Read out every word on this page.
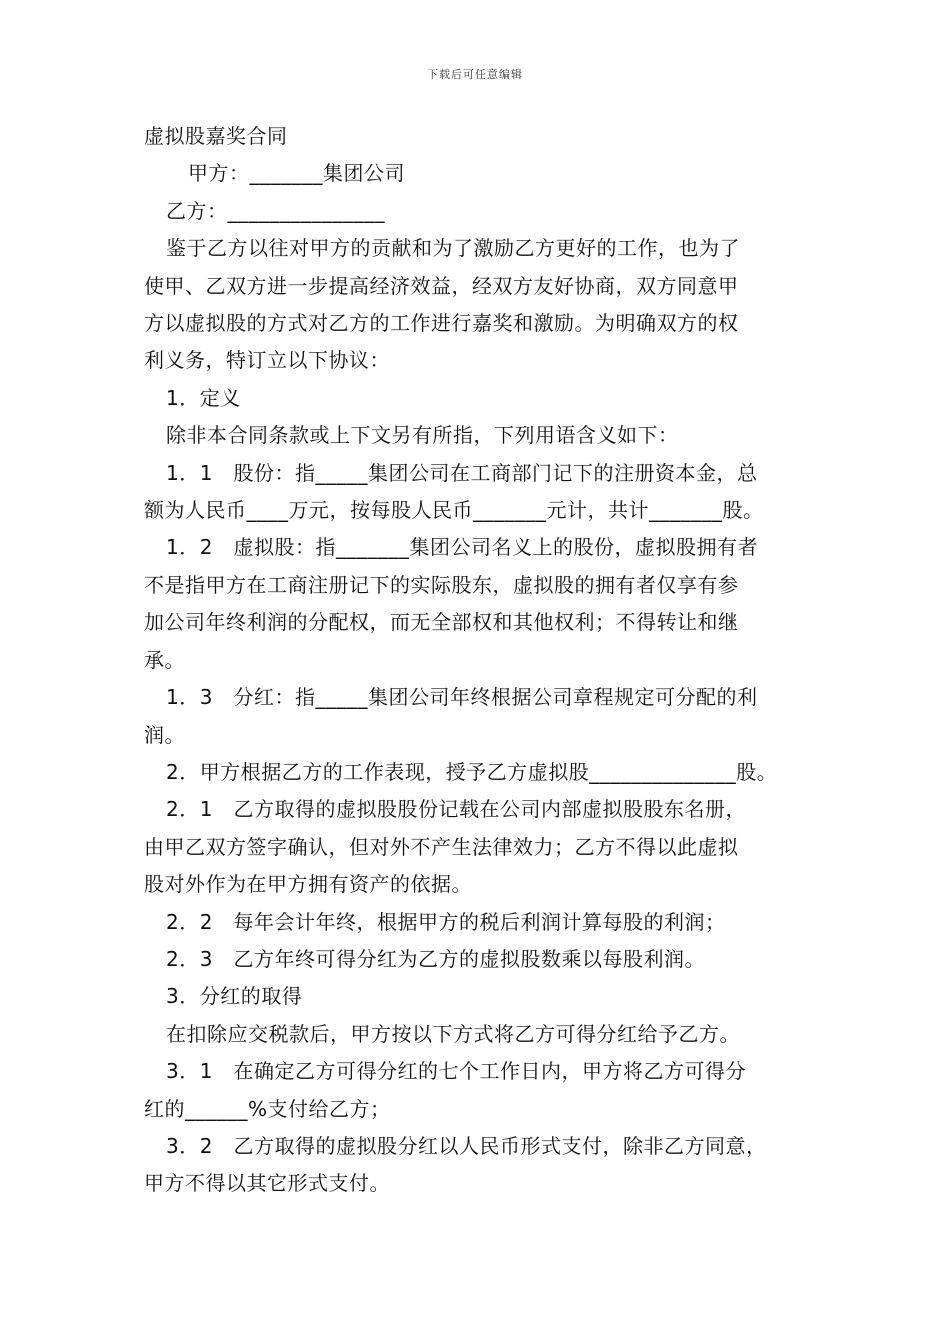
下载后可任意编辑
虚拟股嘉奖合同
甲方：_______集团公司
乙方：_______________
鉴于乙方以往对甲方的贡献和为了激励乙方更好的工作，也为了
使甲、乙双方进一步提高经济效益，经双方友好协商，双方同意甲
方以虚拟股的方式对乙方的工作进行嘉奖和激励。为明确双方的权
利义务，特订立以下协议：
1．定义
除非本合同条款或上下文另有所指，下列用语含义如下：
1．1　股份：指_____集团公司在工商部门记下的注册资本金，总
额为人民币____万元，按每股人民币_______元计，共计_______股。
1．2　虚拟股：指_______集团公司名义上的股份，虚拟股拥有者
不是指甲方在工商注册记下的实际股东，虚拟股的拥有者仅享有参
加公司年终利润的分配权，而无全部权和其他权利；不得转让和继
承。
1．3　分红：指_____集团公司年终根据公司章程规定可分配的利
润。
2．甲方根据乙方的工作表现，授予乙方虚拟股______________股。
2．1　乙方取得的虚拟股股份记载在公司内部虚拟股股东名册，
由甲乙双方签字确认，但对外不产生法律效力；乙方不得以此虚拟
股对外作为在甲方拥有资产的依据。
2．2　每年会计年终，根据甲方的税后利润计算每股的利润；
2．3　乙方年终可得分红为乙方的虚拟股数乘以每股利润。
3．分红的取得
在扣除应交税款后，甲方按以下方式将乙方可得分红给予乙方。
3．1　在确定乙方可得分红的七个工作日内，甲方将乙方可得分
红的______%支付给乙方；
3．2　乙方取得的虚拟股分红以人民币形式支付，除非乙方同意，
甲方不得以其它形式支付。
